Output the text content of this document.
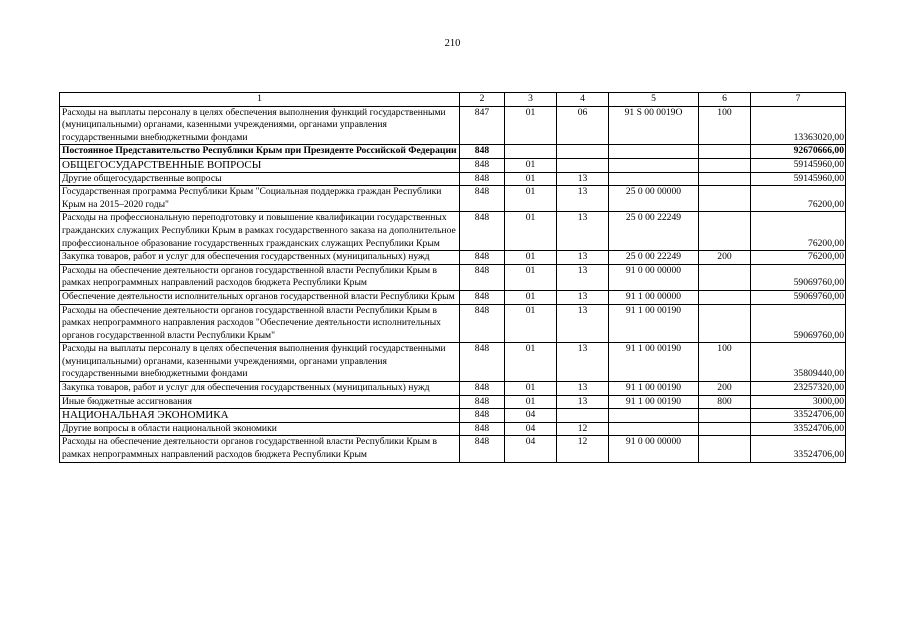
210
1	2	3	4	5	6	7
Расходы на выплаты персоналу в целях обеспечения выполнения функций государственными (муниципальными) органами, казенными учреждениями, органами управления государственными внебюджетными фондами	847	01	06	91 S 00 0019O	100	13363020,00
Постоянное Представительство Республики Крым при Президенте Российской Федерации	848					92670666,00
ОБЩЕГОСУДАРСТВЕННЫЕ ВОПРОСЫ	848	01				59145960,00
Другие общегосударственные вопросы	848	01	13			59145960,00
Государственная программа Республики Крым "Социальная поддержка граждан Республики Крым на 2015–2020 годы"	848	01	13	25 0 00 00000		76200,00
Расходы на профессиональную переподготовку и повышение квалификации государственных гражданских служащих Республики Крым в рамках государственного заказа на дополнительное профессиональное образование государственных гражданских служащих Республики Крым	848	01	13	25 0 00 22249		76200,00
Закупка товаров, работ и услуг для обеспечения государственных (муниципальных) нужд	848	01	13	25 0 00 22249	200	76200,00
Расходы на обеспечение деятельности органов государственной власти Республики Крым в рамках непрограммных направлений расходов бюджета Республики Крым	848	01	13	91 0 00 00000		59069760,00
Обеспечение деятельности исполнительных органов государственной власти Республики Крым	848	01	13	91 1 00 00000		59069760,00
Расходы на обеспечение деятельности органов государственной власти Республики Крым в рамках непрограммного направления расходов "Обеспечение деятельности исполнительных органов государственной власти Республики Крым"	848	01	13	91 1 00 00190		59069760,00
Расходы на выплаты персоналу в целях обеспечения выполнения функций государственными (муниципальными) органами, казенными учреждениями, органами управления государственными внебюджетными фондами	848	01	13	91 1 00 00190	100	35809440,00
Закупка товаров, работ и услуг для обеспечения государственных (муниципальных) нужд	848	01	13	91 1 00 00190	200	23257320,00
Иные бюджетные ассигнования	848	01	13	91 1 00 00190	800	3000,00
НАЦИОНАЛЬНАЯ ЭКОНОМИКА	848	04				33524706,00
Другие вопросы в области национальной экономики	848	04	12			33524706,00
Расходы на обеспечение деятельности органов государственной власти Республики Крым в рамках непрограммных направлений расходов бюджета Республики Крым	848	04	12	91 0 00 00000		33524706,00
